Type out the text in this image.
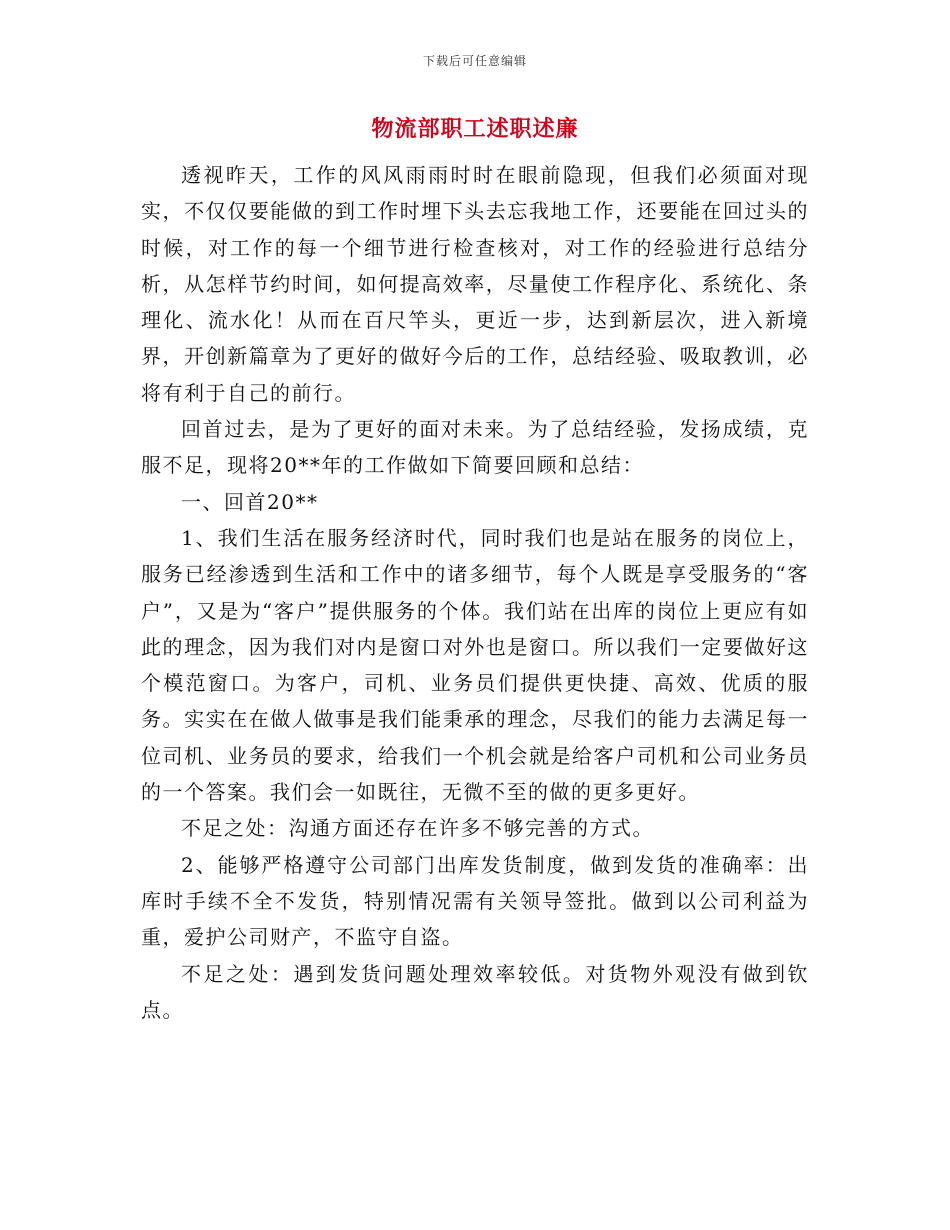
下载后可任意编辑
物流部职工述职述廉

透视昨天，工作的风风雨雨时时在眼前隐现，但我们必须面对现实，不仅仅要能做的到工作时埋下头去忘我地工作，还要能在回过头的时候，对工作的每一个细节进行检查核对，对工作的经验进行总结分析，从怎样节约时间，如何提高效率，尽量使工作程序化、系统化、条理化、流水化！从而在百尺竿头，更近一步，达到新层次，进入新境界，开创新篇章为了更好的做好今后的工作，总结经验、吸取教训，必将有利于自己的前行。

回首过去，是为了更好的面对未来。为了总结经验，发扬成绩，克服不足，现将20**年的工作做如下简要回顾和总结：

一、回首20**

1、我们生活在服务经济时代，同时我们也是站在服务的岗位上，服务已经渗透到生活和工作中的诸多细节，每个人既是享受服务的“客户”，又是为“客户”提供服务的个体。我们站在出库的岗位上更应有如此的理念，因为我们对内是窗口对外也是窗口。所以我们一定要做好这个模范窗口。为客户，司机、业务员们提供更快捷、高效、优质的服务。实实在在做人做事是我们能秉承的理念，尽我们的能力去满足每一位司机、业务员的要求，给我们一个机会就是给客户司机和公司业务员的一个答案。我们会一如既往，无微不至的做的更多更好。

不足之处：沟通方面还存在许多不够完善的方式。

2、能够严格遵守公司部门出库发货制度，做到发货的准确率：出库时手续不全不发货，特别情况需有关领导签批。做到以公司利益为重，爱护公司财产，不监守自盗。

不足之处：遇到发货问题处理效率较低。对货物外观没有做到钦点。
